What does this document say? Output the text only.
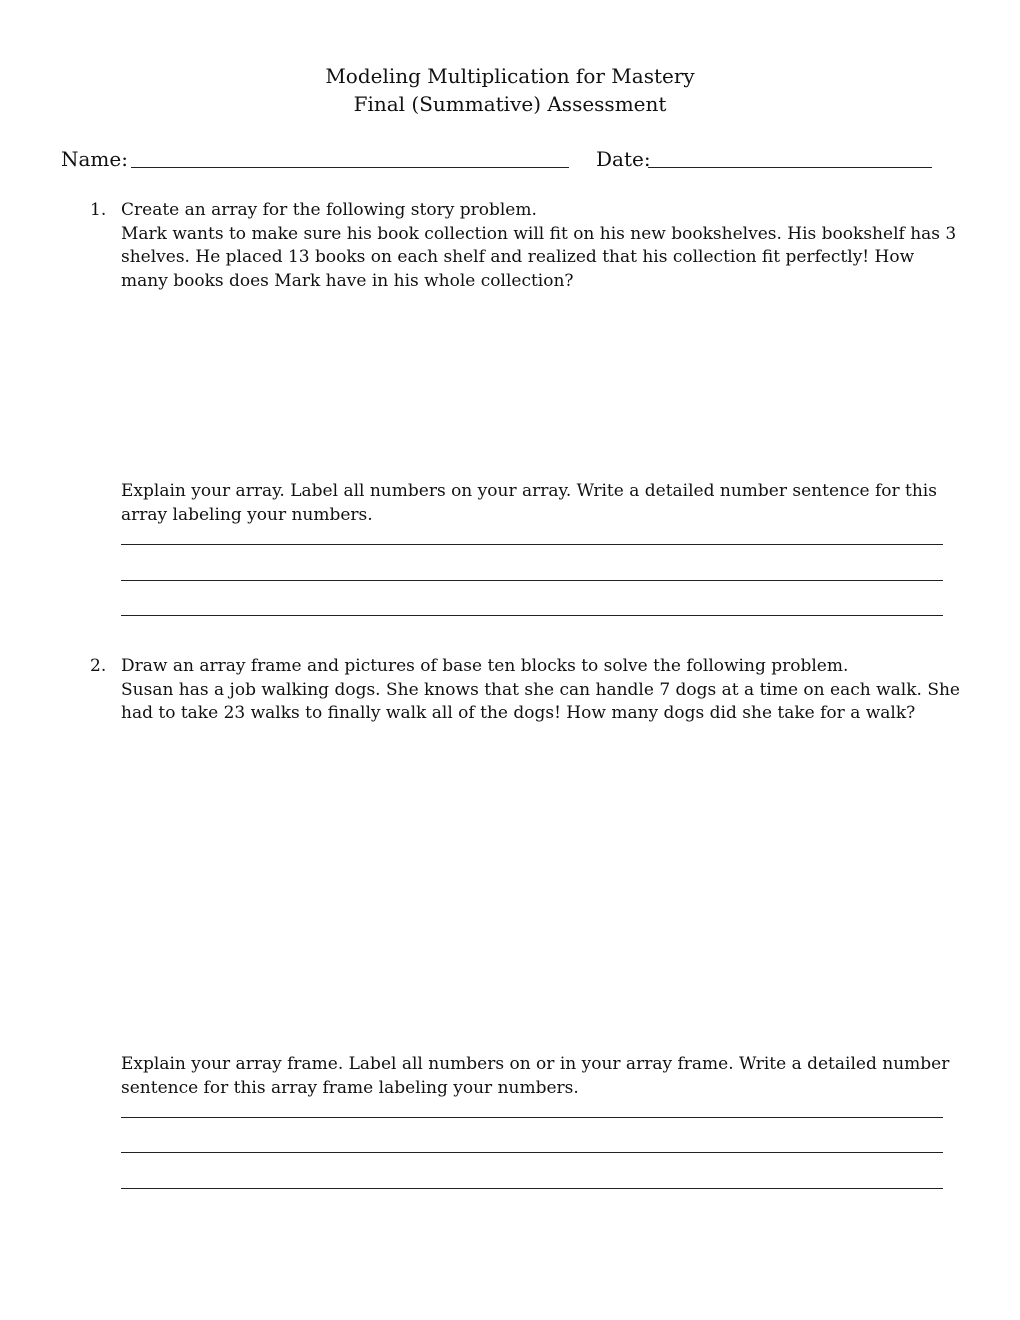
Modeling Multiplication for Mastery
Final (Summative) Assessment
Name:	Date:
1. Create an array for the following story problem.

Mark wants to make sure his book collection will fit on his new bookshelves. His bookshelf has 3 shelves. He placed 13 books on each shelf and realized that his collection fit perfectly! How many books does Mark have in his whole collection?

Explain your array. Label all numbers on your array. Write a detailed number sentence for this array labeling your numbers.
2. Draw an array frame and pictures of base ten blocks to solve the following problem.

Susan has a job walking dogs. She knows that she can handle 7 dogs at a time on each walk. She had to take 23 walks to finally walk all of the dogs! How many dogs did she take for a walk?

Explain your array frame. Label all numbers on or in your array frame. Write a detailed number sentence for this array frame labeling your numbers.
